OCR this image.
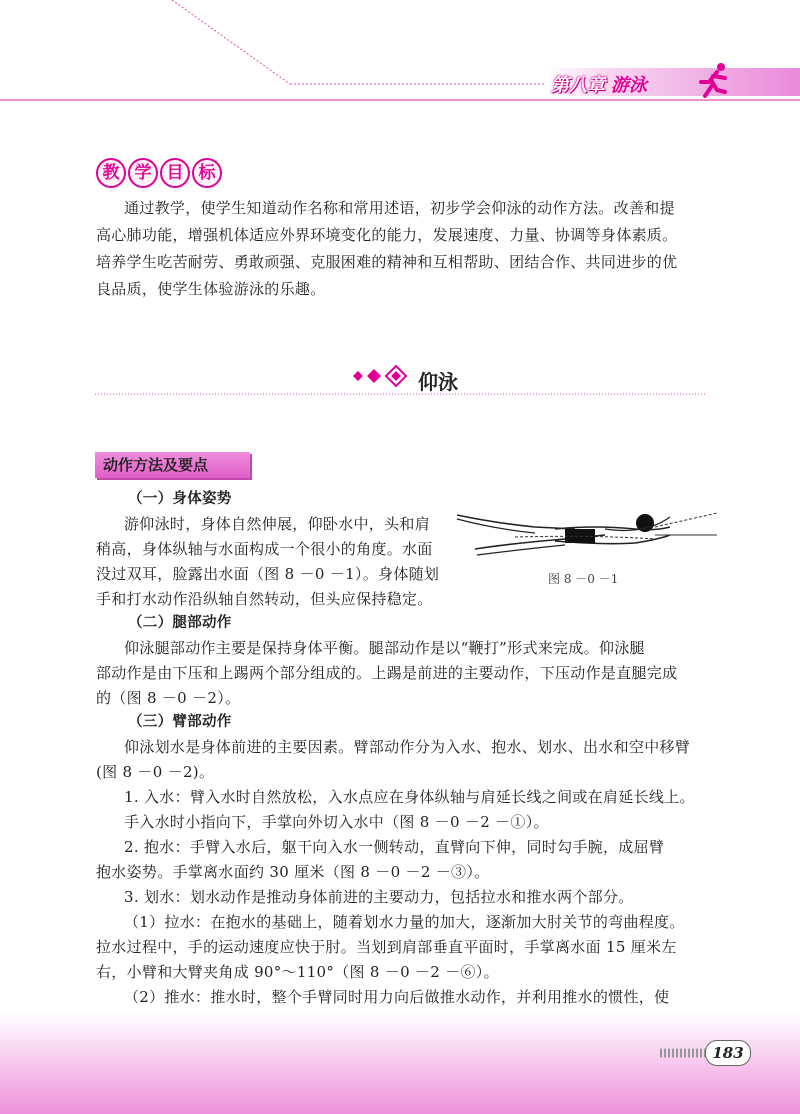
第八章 游泳
教 学 目 标
通过教学，使学生知道动作名称和常用述语，初步学会仰泳的动作方法。改善和提
高心肺功能，增强机体适应外界环境变化的能力，发展速度、力量、协调等身体素质。
培养学生吃苦耐劳、勇敢顽强、克服困难的精神和互相帮助、团结合作、共同进步的优
良品质，使学生体验游泳的乐趣。
仰泳
动作方法及要点
（一）身体姿势
游仰泳时，身体自然伸展，仰卧水中，头和肩
稍高，身体纵轴与水面构成一个很小的角度。水面
没过双耳，脸露出水面（图 8 －0 －1）。身体随划
手和打水动作沿纵轴自然转动，但头应保持稳定。
图 8 －0 －1
（二）腿部动作
仰泳腿部动作主要是保持身体平衡。腿部动作是以“鞭打”形式来完成。仰泳腿
部动作是由下压和上踢两个部分组成的。上踢是前进的主要动作，下压动作是直腿完成
的（图 8 －0 －2）。
（三）臂部动作
仰泳划水是身体前进的主要因素。臂部动作分为入水、抱水、划水、出水和空中移臂
(图 8 －0 －2)。
1. 入水：臂入水时自然放松，入水点应在身体纵轴与肩延长线之间或在肩延长线上。
手入水时小指向下，手掌向外切入水中（图 8 －0 －2 －①）。
2. 抱水：手臂入水后，躯干向入水一侧转动，直臂向下伸，同时勾手腕，成屈臂
抱水姿势。手掌离水面约 30 厘米（图 8 －0 －2 －③）。
3. 划水：划水动作是推动身体前进的主要动力，包括拉水和推水两个部分。
（1）拉水：在抱水的基础上，随着划水力量的加大，逐渐加大肘关节的弯曲程度。
拉水过程中，手的运动速度应快于肘。当划到肩部垂直平面时，手掌离水面 15 厘米左
右，小臂和大臂夹角成 90°～110°（图 8 －0 －2 －⑥）。
（2）推水：推水时，整个手臂同时用力向后做推水动作，并利用推水的惯性，使
183
